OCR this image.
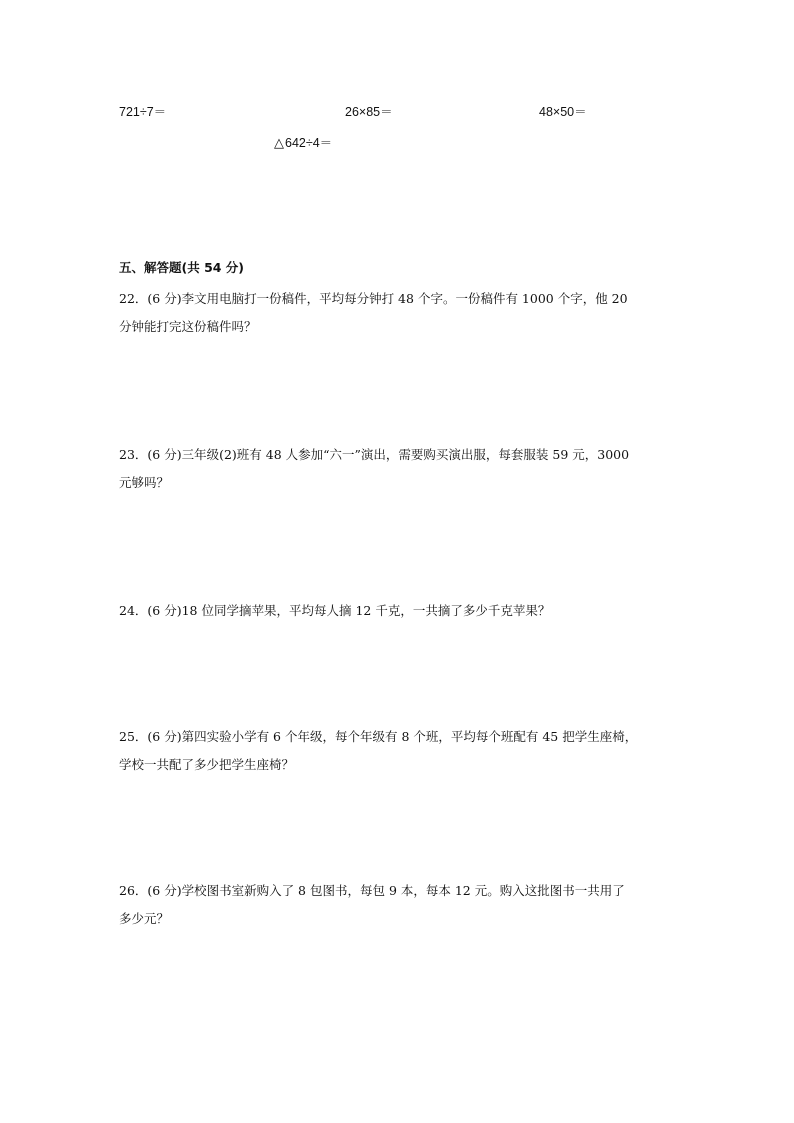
721÷7＝	26×85＝	48×50＝
△642÷4＝
五、解答题(共 54 分)
22．(6 分)李文用电脑打一份稿件，平均每分钟打 48 个字。一份稿件有 1000 个字，他 20
分钟能打完这份稿件吗？
23．(6 分)三年级(2)班有 48 人参加“六一”演出，需要购买演出服，每套服装 59 元，3000
元够吗？
24．(6 分)18 位同学摘苹果，平均每人摘 12 千克，一共摘了多少千克苹果？
25．(6 分)第四实验小学有 6 个年级，每个年级有 8 个班，平均每个班配有 45 把学生座椅，
学校一共配了多少把学生座椅？
26．(6 分)学校图书室新购入了 8 包图书，每包 9 本，每本 12 元。购入这批图书一共用了
多少元？
